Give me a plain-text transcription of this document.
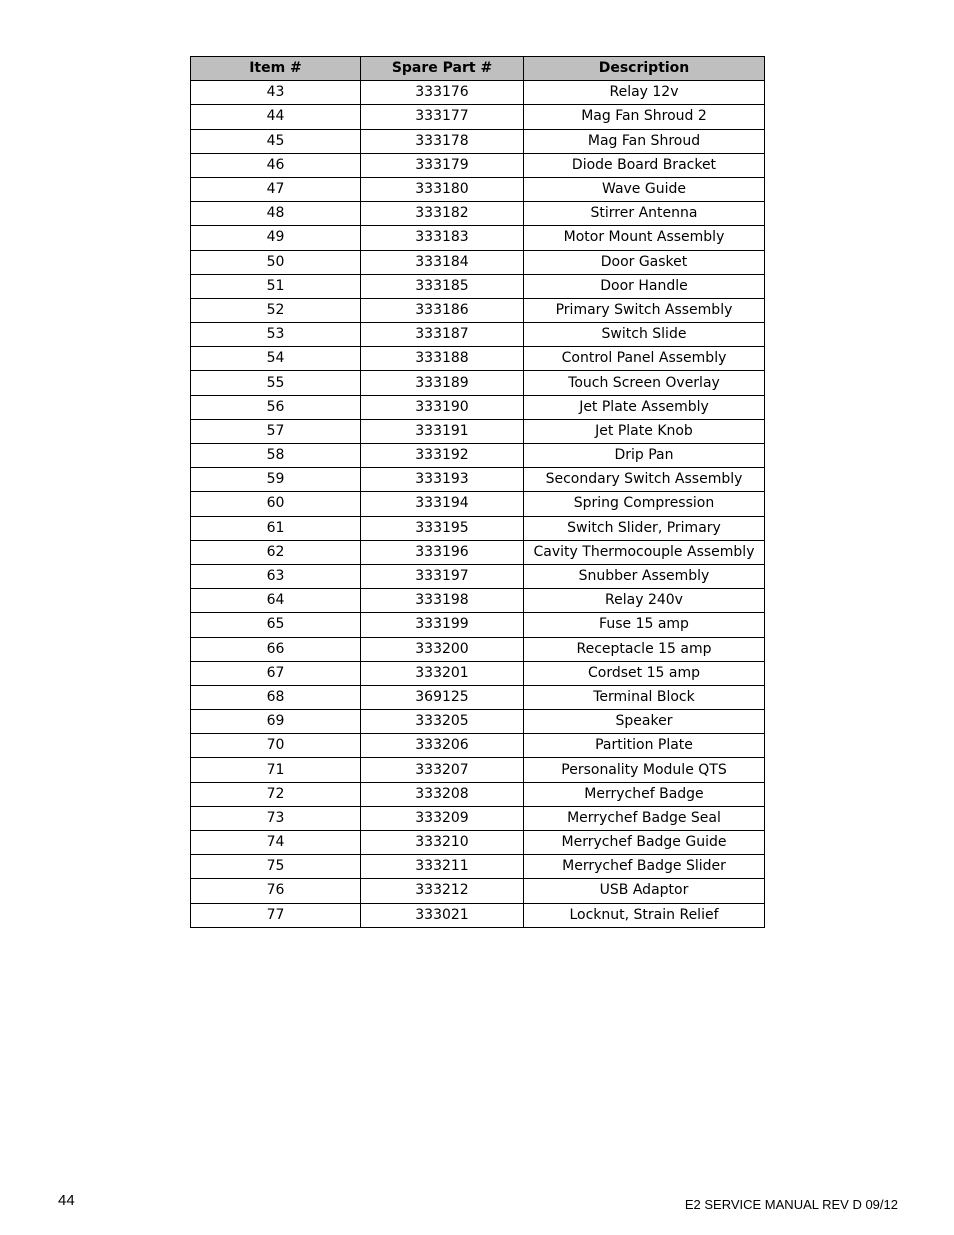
Item #	Spare Part #	Description
43	333176	Relay 12v
44	333177	Mag Fan Shroud 2
45	333178	Mag Fan Shroud
46	333179	Diode Board Bracket
47	333180	Wave Guide
48	333182	Stirrer Antenna
49	333183	Motor Mount Assembly
50	333184	Door Gasket
51	333185	Door Handle
52	333186	Primary Switch Assembly
53	333187	Switch Slide
54	333188	Control Panel Assembly
55	333189	Touch Screen Overlay
56	333190	Jet Plate Assembly
57	333191	Jet Plate Knob
58	333192	Drip Pan
59	333193	Secondary Switch Assembly
60	333194	Spring Compression
61	333195	Switch Slider, Primary
62	333196	Cavity Thermocouple Assembly
63	333197	Snubber Assembly
64	333198	Relay 240v
65	333199	Fuse 15 amp
66	333200	Receptacle 15 amp
67	333201	Cordset 15 amp
68	369125	Terminal Block
69	333205	Speaker
70	333206	Partition Plate
71	333207	Personality Module QTS
72	333208	Merrychef Badge
73	333209	Merrychef Badge Seal
74	333210	Merrychef Badge Guide
75	333211	Merrychef Badge Slider
76	333212	USB Adaptor
77	333021	Locknut, Strain Relief
44	E2 SERVICE MANUAL REV D 09/12
